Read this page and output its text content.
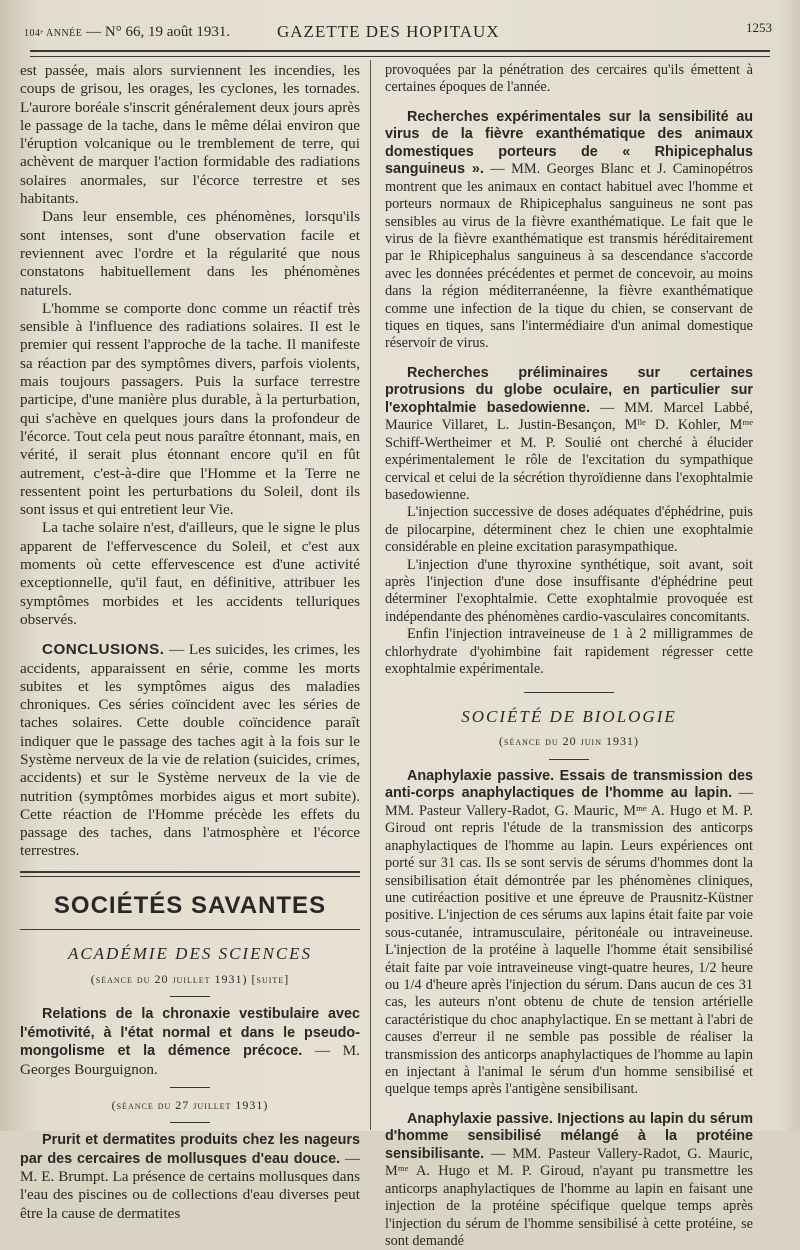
104ᵉ ANNÉE — N° 66, 19 août 1931.	GAZETTE DES HOPITAUX	1253

est passée, mais alors surviennent les incendies, les coups de grisou, les orages, les cyclones, les tornades. L'aurore boréale s'inscrit généralement deux jours après le passage de la tache, dans le même délai environ que l'éruption volcanique ou le tremblement de terre, qui achèvent de marquer l'action formidable des radiations solaires anormales, sur l'écorce terrestre et ses habitants.

Dans leur ensemble, ces phénomènes, lorsqu'ils sont intenses, sont d'une observation facile et reviennent avec l'ordre et la régularité que nous constatons habituellement dans les phénomènes naturels.

L'homme se comporte donc comme un réactif très sensible à l'influence des radiations solaires. Il est le premier qui ressent l'approche de la tache. Il manifeste sa réaction par des symptômes divers, parfois violents, mais toujours passagers. Puis la surface terrestre participe, d'une manière plus durable, à la perturbation, qui s'achève en quelques jours dans la profondeur de l'écorce. Tout cela peut nous paraître étonnant, mais, en vérité, il serait plus étonnant encore qu'il en fût autrement, c'est-à-dire que l'Homme et la Terre ne ressentent point les perturbations du Soleil, dont ils sont issus et qui entretient leur Vie.

La tache solaire n'est, d'ailleurs, que le signe le plus apparent de l'effervescence du Soleil, et c'est aux moments où cette effervescence est d'une activité exceptionnelle, qu'il faut, en définitive, attribuer les symptômes morbides et les accidents telluriques observés.

CONCLUSIONS. — Les suicides, les crimes, les accidents, apparaissent en série, comme les morts subites et les symptômes aigus des maladies chroniques. Ces séries coïncident avec les séries de taches solaires. Cette double coïncidence paraît indiquer que le passage des taches agit à la fois sur le Système nerveux de la vie de relation (suicides, crimes, accidents) et sur le Système nerveux de la vie de nutrition (symptômes morbides aigus et mort subite). Cette réaction de l'Homme précède les effets du passage des taches, dans l'atmosphère et l'écorce terrestres.

SOCIÉTÉS SAVANTES
ACADÉMIE DES SCIENCES
(séance du 20 juillet 1931) [suite]

Relations de la chronaxie vestibulaire avec l'émotivité, à l'état normal et dans le pseudo-mongolisme et la démence précoce. — M. Georges Bourguignon.

(séance du 27 juillet 1931)

Prurit et dermatites produits chez les nageurs par des cercaires de mollusques d'eau douce. — M. E. Brumpt. La présence de certains mollusques dans l'eau des piscines ou de collections d'eau diverses peut être la cause de dermatites

provoquées par la pénétration des cercaires qu'ils émettent à certaines époques de l'année.

Recherches expérimentales sur la sensibilité au virus de la fièvre exanthématique des animaux domestiques porteurs de « Rhipicephalus sanguineus ». — MM. Georges Blanc et J. Caminopétros montrent que les animaux en contact habituel avec l'homme et porteurs normaux de Rhipicephalus sanguineus ne sont pas sensibles au virus de la fièvre exanthématique. Le fait que le virus de la fièvre exanthématique est transmis héréditairement par le Rhipicephalus sanguineus à sa descendance s'accorde avec les données précédentes et permet de concevoir, au moins dans la région méditerranéenne, la fièvre exanthématique comme une infection de la tique du chien, se conservant de tiques en tiques, sans l'intermédiaire d'un animal domestique réservoir de virus.

Recherches préliminaires sur certaines protrusions du globe oculaire, en particulier sur l'exophtalmie basedowienne. — MM. Marcel Labbé, Maurice Villaret, L. Justin-Besançon, Mˡˡᵉ D. Kohler, Mᵐᵉ Schiff-Wertheimer et M. P. Soulié ont cherché à élucider expérimentalement le rôle de l'excitation du sympathique cervical et celui de la sécrétion thyroïdienne dans l'exophtalmie basedowienne.

L'injection successive de doses adéquates d'éphédrine, puis de pilocarpine, déterminent chez le chien une exophtalmie considérable en pleine excitation parasympathique.

L'injection d'une thyroxine synthétique, soit avant, soit après l'injection d'une dose insuffisante d'éphédrine peut déterminer l'exophtalmie. Cette exophtalmie provoquée est indépendante des phénomènes cardio-vasculaires concomitants.

Enfin l'injection intraveineuse de 1 à 2 milligrammes de chlorhydrate d'yohimbine fait rapidement régresser cette exophtalmie expérimentale.

SOCIÉTÉ DE BIOLOGIE
(séance du 20 juin 1931)

Anaphylaxie passive. Essais de transmission des anti-corps anaphylactiques de l'homme au lapin. — MM. Pasteur Vallery-Radot, G. Mauric, Mᵐᵉ A. Hugo et M. P. Giroud ont repris l'étude de la transmission des anticorps anaphylactiques de l'homme au lapin. Leurs expériences ont porté sur 31 cas. Ils se sont servis de sérums d'hommes dont la sensibilisation était démontrée par les phénomènes cliniques, une cutiréaction positive et une épreuve de Prausnitz-Küstner positive. L'injection de ces sérums aux lapins était faite par voie sous-cutanée, intramusculaire, péritonéale ou intraveineuse. L'injection de la protéine à laquelle l'homme était sensibilisé était faite par voie intraveineuse vingt-quatre heures, 1/2 heure ou 1/4 d'heure après l'injection du sérum. Dans aucun de ces 31 cas, les auteurs n'ont obtenu de chute de tension artérielle caractéristique du choc anaphylactique. En se mettant à l'abri de causes d'erreur il ne semble pas possible de réaliser la transmission des anticorps anaphylactiques de l'homme au lapin en injectant à l'animal le sérum d'un homme sensibilisé et quelque temps après l'antigène sensibilisant.

Anaphylaxie passive. Injections au lapin du sérum d'homme sensibilisé mélangé à la protéine sensibilisante. — MM. Pasteur Vallery-Radot, G. Mauric, Mᵐᵉ A. Hugo et M. P. Giroud, n'ayant pu transmettre les anticorps anaphylactiques de l'homme au lapin en faisant une injection de la protéine spécifique quelque temps après l'injection du sérum de l'homme sensibilisé à cette protéine, se sont demandé
